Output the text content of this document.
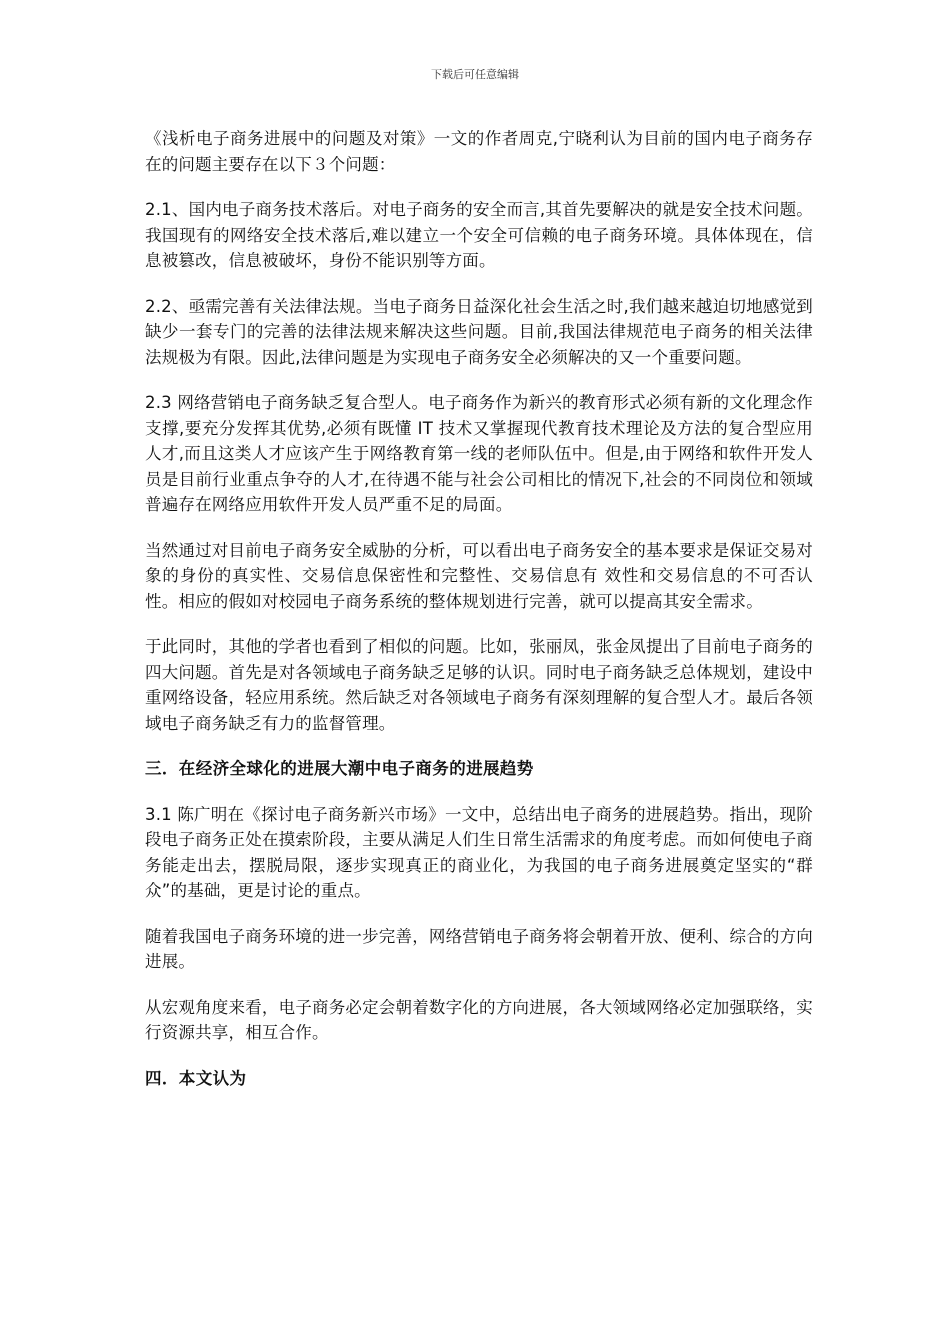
下载后可任意编辑

《浅析电子商务进展中的问题及对策》一文的作者周克,宁晓利认为目前的国内电子商务存在的问题主要存在以下３个问题：

2.1、国内电子商务技术落后。对电子商务的安全而言,其首先要解决的就是安全技术问题。我国现有的网络安全技术落后,难以建立一个安全可信赖的电子商务环境。具体体现在，信息被篡改，信息被破坏，身份不能识别等方面。

2.2、亟需完善有关法律法规。当电子商务日益深化社会生活之时,我们越来越迫切地感觉到缺少一套专门的完善的法律法规来解决这些问题。目前,我国法律规范电子商务的相关法律法规极为有限。因此,法律问题是为实现电子商务安全必须解决的又一个重要问题。

2.3 网络营销电子商务缺乏复合型人。电子商务作为新兴的教育形式必须有新的文化理念作支撑,要充分发挥其优势,必须有既懂 IT 技术又掌握现代教育技术理论及方法的复合型应用人才,而且这类人才应该产生于网络教育第一线的老师队伍中。但是,由于网络和软件开发人员是目前行业重点争夺的人才,在待遇不能与社会公司相比的情况下,社会的不同岗位和领域普遍存在网络应用软件开发人员严重不足的局面。

当然通过对目前电子商务安全威胁的分析，可以看出电子商务安全的基本要求是保证交易对象的身份的真实性、交易信息保密性和完整性、交易信息有 效性和交易信息的不可否认性。相应的假如对校园电子商务系统的整体规划进行完善，就可以提高其安全需求。

于此同时，其他的学者也看到了相似的问题。比如，张丽凤，张金凤提出了目前电子商务的四大问题。首先是对各领域电子商务缺乏足够的认识。同时电子商务缺乏总体规划，建设中重网络设备，轻应用系统。然后缺乏对各领域电子商务有深刻理解的复合型人才。最后各领域电子商务缺乏有力的监督管理。

三．在经济全球化的进展大潮中电子商务的进展趋势

3.1 陈广明在《探讨电子商务新兴市场》一文中，总结出电子商务的进展趋势。指出，现阶段电子商务正处在摸索阶段，主要从满足人们生日常生活需求的角度考虑。而如何使电子商务能走出去，摆脱局限，逐步实现真正的商业化，为我国的电子商务进展奠定坚实的“群众”的基础，更是讨论的重点。

随着我国电子商务环境的进一步完善，网络营销电子商务将会朝着开放、便利、综合的方向进展。

从宏观角度来看，电子商务必定会朝着数字化的方向进展，各大领域网络必定加强联络，实行资源共享，相互合作。

四．本文认为
